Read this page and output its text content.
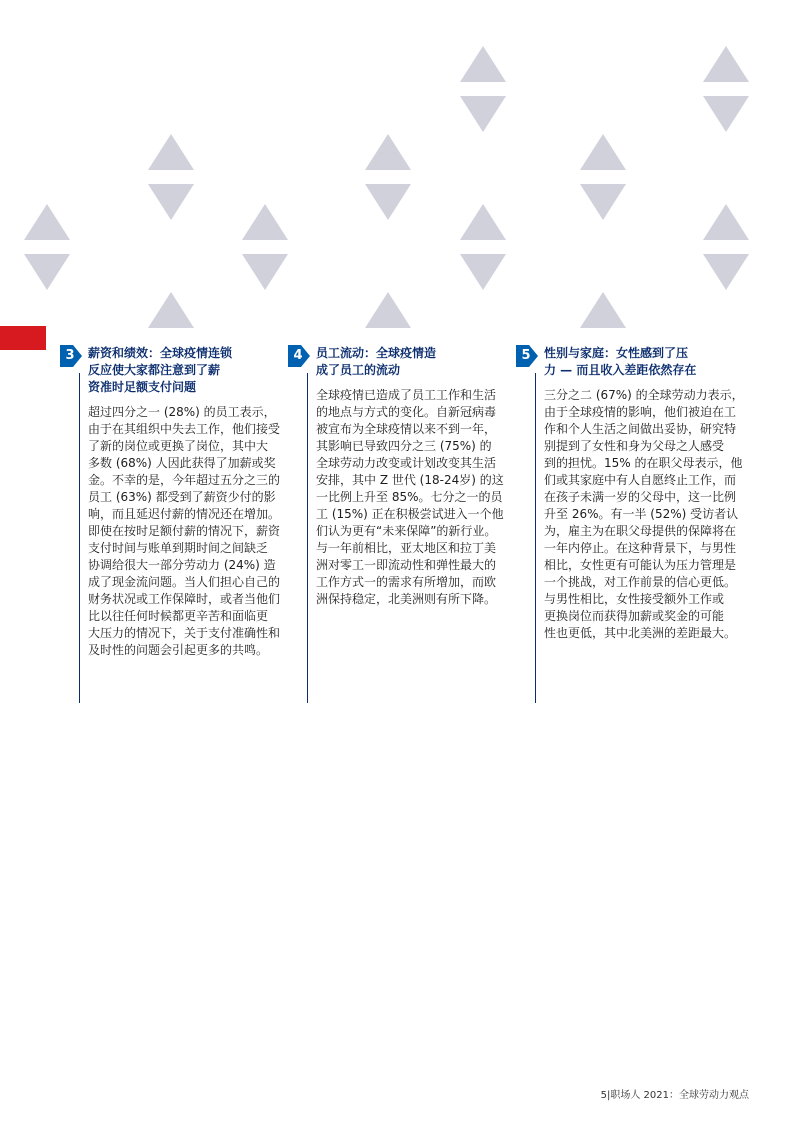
3 薪资和绩效：全球疫情连锁
反应使大家都注意到了薪
资准时足额支付问题
超过四分之一 (28%) 的员工表示，
由于在其组织中失去工作，他们接受
了新的岗位或更换了岗位，其中大
多数 (68%) 人因此获得了加薪或奖
金。不幸的是，今年超过五分之三的
员工 (63%) 都受到了薪资少付的影
响，而且延迟付薪的情况还在增加。
即使在按时足额付薪的情况下，薪资
支付时间与账单到期时间之间缺乏
协调给很大一部分劳动力 (24%) 造
成了现金流问题。当人们担心自己的
财务状况或工作保障时，或者当他们
比以往任何时候都更辛苦和面临更
大压力的情况下，关于支付准确性和
及时性的问题会引起更多的共鸣。
4 员工流动：全球疫情造
成了员工的流动
全球疫情已造成了员工工作和生活
的地点与方式的变化。自新冠病毒
被宣布为全球疫情以来不到一年，
其影响已导致四分之三 (75%) 的
全球劳动力改变或计划改变其生活
安排，其中 Z 世代 (18-24岁) 的这
一比例上升至 85%。七分之一的员
工 (15%) 正在积极尝试进入一个他
们认为更有“未来保障”的新行业。
与一年前相比，亚太地区和拉丁美
洲对零工一即流动性和弹性最大的
工作方式一的需求有所增加，而欧
洲保持稳定，北美洲则有所下降。
5 性别与家庭：女性感到了压
力 — 而且收入差距依然存在
三分之二 (67%) 的全球劳动力表示，
由于全球疫情的影响，他们被迫在工
作和个人生活之间做出妥协，研究特
别提到了女性和身为父母之人感受
到的担忧。15% 的在职父母表示，他
们或其家庭中有人自愿终止工作，而
在孩子未满一岁的父母中，这一比例
升至 26%。有一半 (52%) 受访者认
为，雇主为在职父母提供的保障将在
一年内停止。在这种背景下，与男性
相比，女性更有可能认为压力管理是
一个挑战，对工作前景的信心更低。
与男性相比，女性接受额外工作或
更换岗位而获得加薪或奖金的可能
性也更低，其中北美洲的差距最大。
5|职场人 2021：全球劳动力观点
